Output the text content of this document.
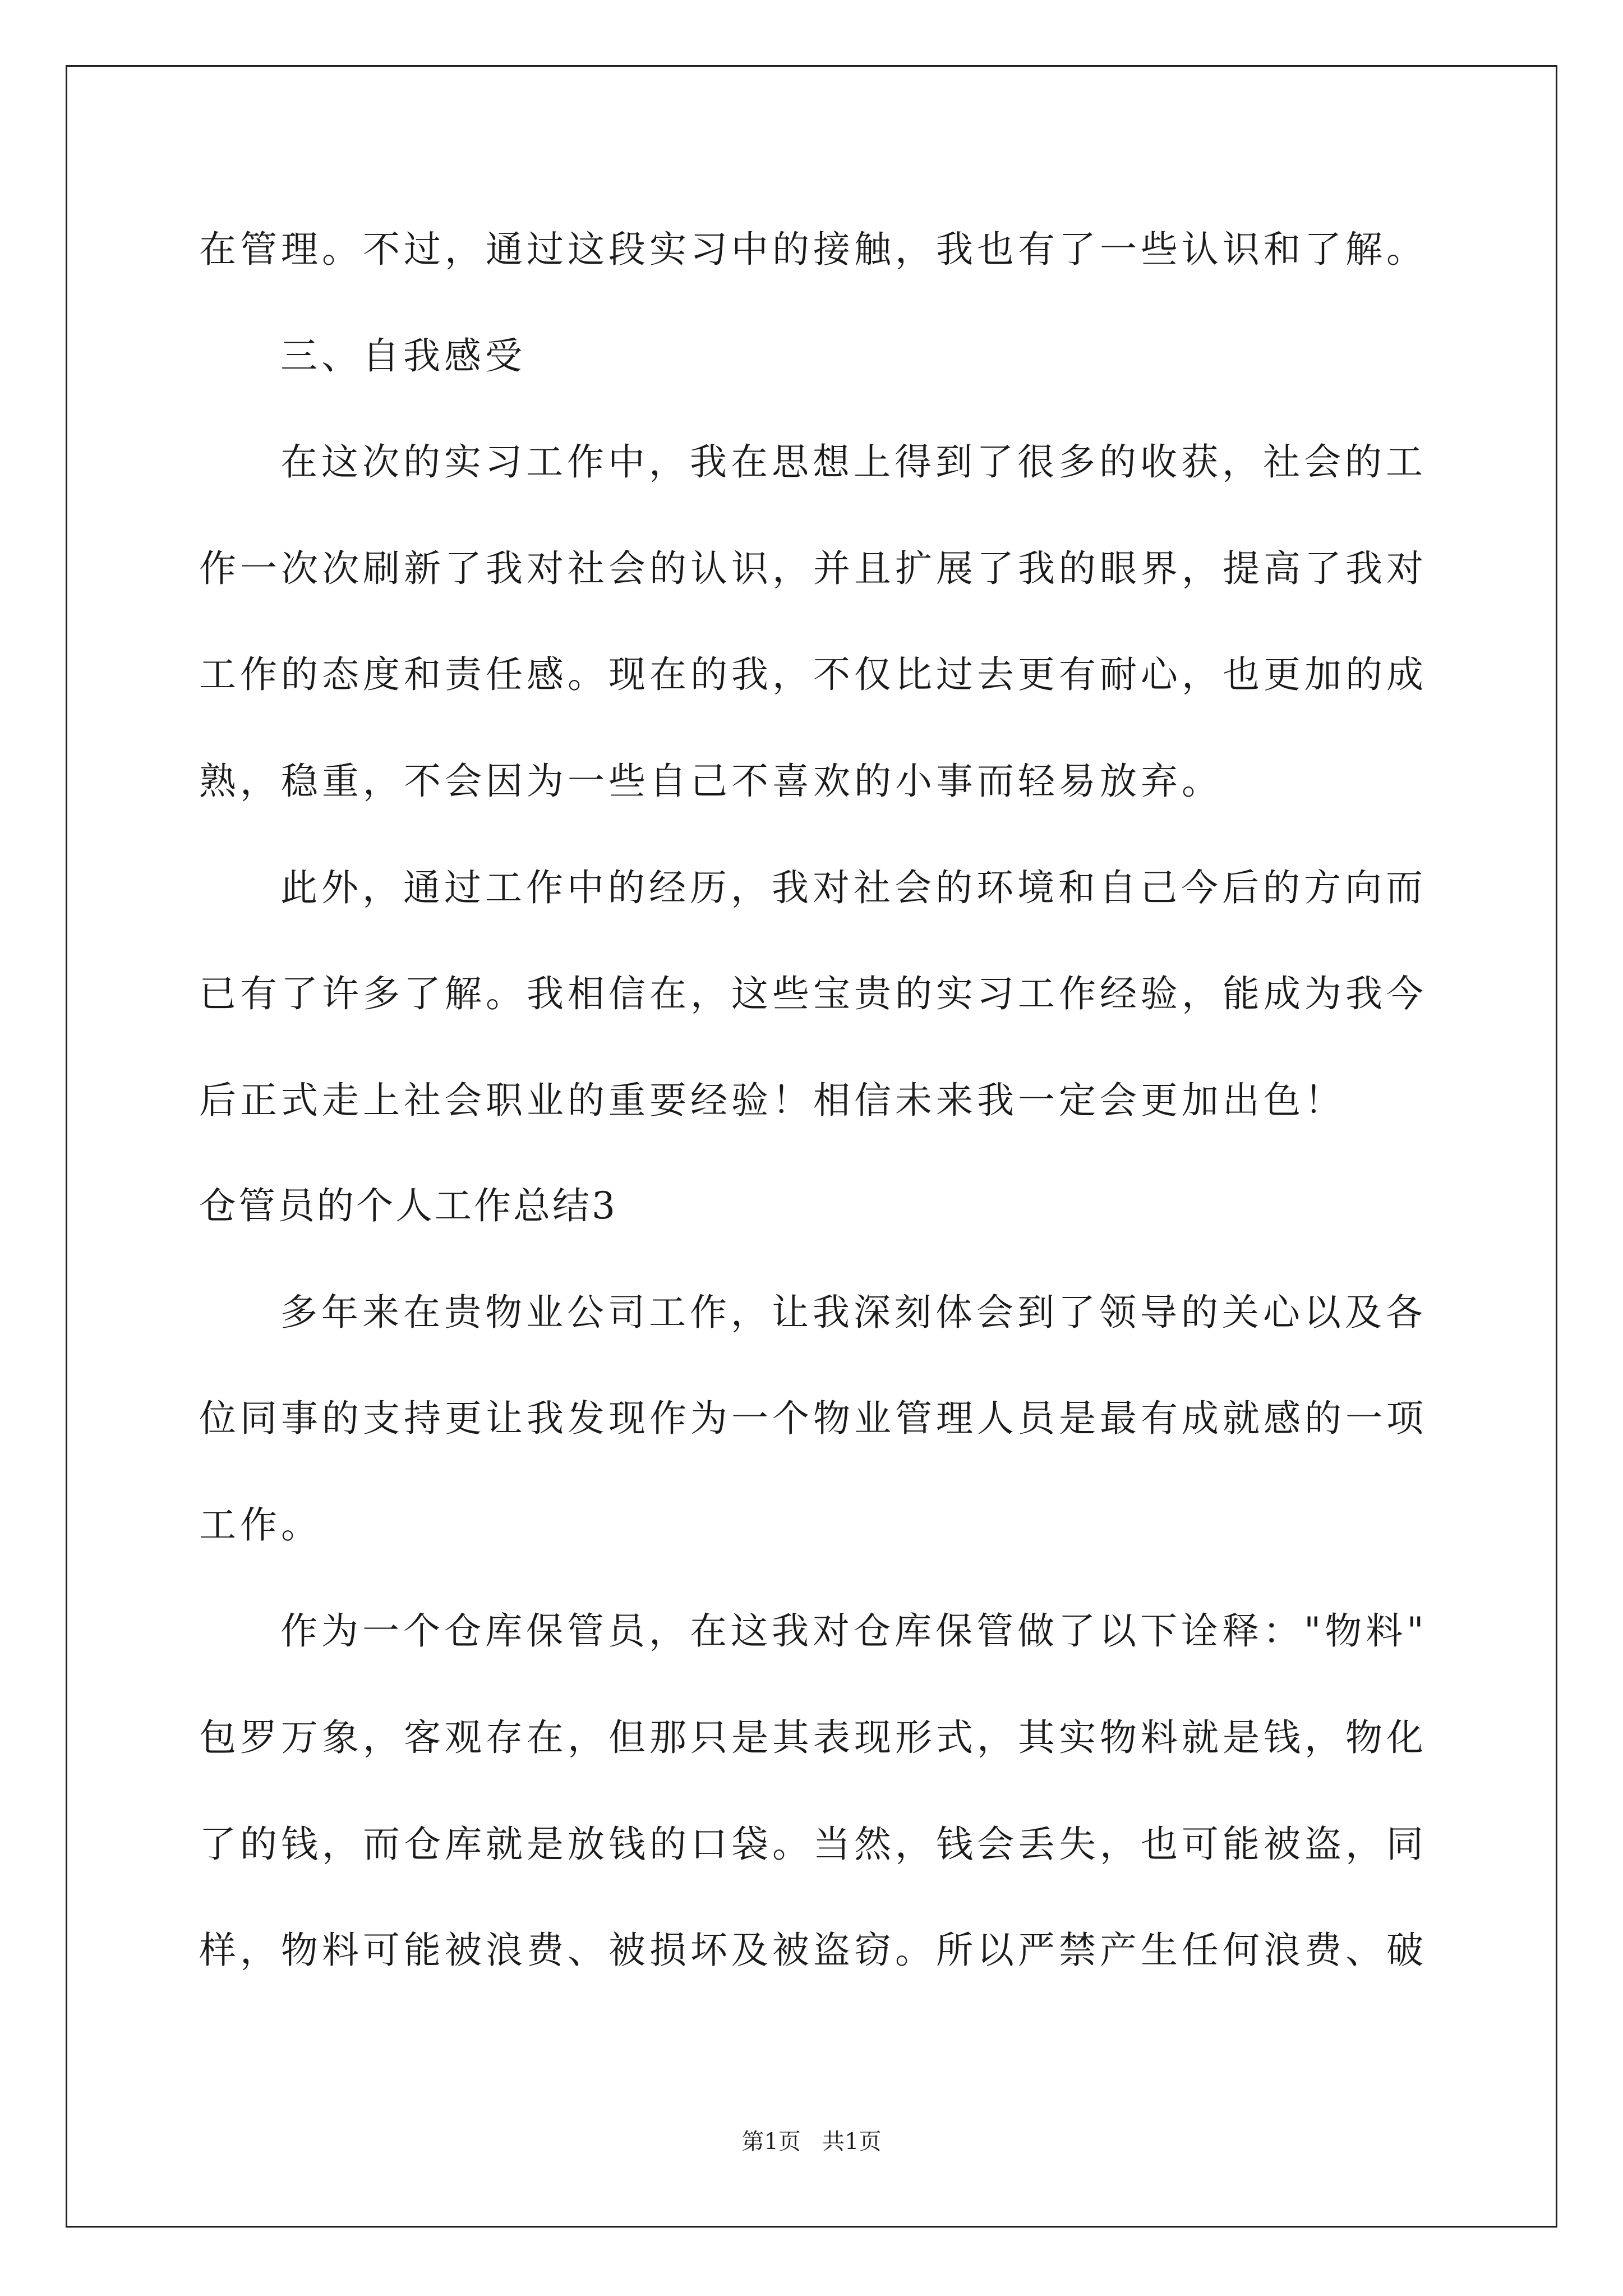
在管理。不过，通过这段实习中的接触，我也有了一些认识和了解。
三、自我感受
在这次的实习工作中，我在思想上得到了很多的收获，社会的工
作一次次刷新了我对社会的认识，并且扩展了我的眼界，提高了我对
工作的态度和责任感。现在的我，不仅比过去更有耐心，也更加的成
熟，稳重，不会因为一些自己不喜欢的小事而轻易放弃。
此外，通过工作中的经历，我对社会的环境和自己今后的方向而
已有了许多了解。我相信在，这些宝贵的实习工作经验，能成为我今
后正式走上社会职业的重要经验！相信未来我一定会更加出色！
仓管员的个人工作总结3
多年来在贵物业公司工作，让我深刻体会到了领导的关心以及各
位同事的支持更让我发现作为一个物业管理人员是最有成就感的一项
工作。
作为一个仓库保管员，在这我对仓库保管做了以下诠释："物料"
包罗万象，客观存在，但那只是其表现形式，其实物料就是钱，物化
了的钱，而仓库就是放钱的口袋。当然，钱会丢失，也可能被盗，同
样，物料可能被浪费、被损坏及被盗窃。所以严禁产生任何浪费、破
第1页   共1页
